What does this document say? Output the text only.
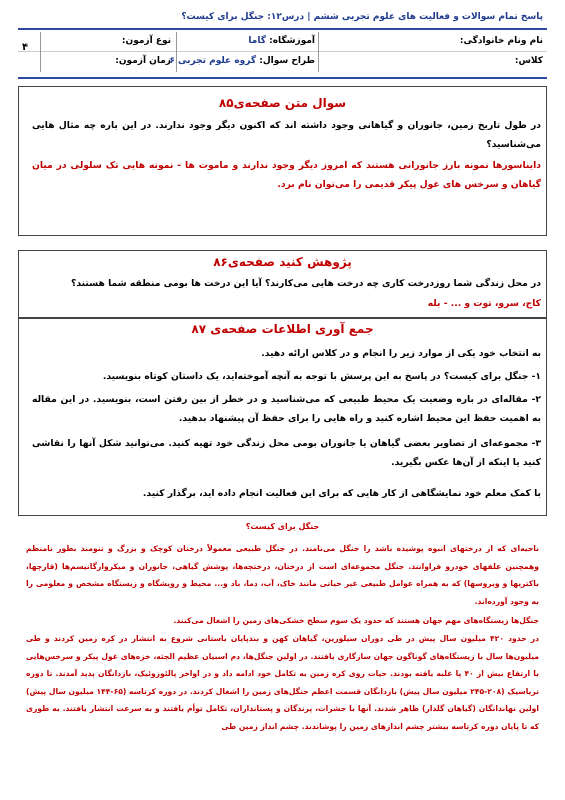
پاسخ تمام سوالات و فعالیت های علوم تجربی ششم | درس۱۲: جنگل برای کیست؟
نام ونام خانوادگی:
آموزشگاه: گاما
نوع آزمون:
۴
کلاس:
طراح سوال: گروه علوم تجربی ۶
زمان آزمون:
سوال متن صفحه‌ی۸۵
در طول تاریخ زمین، جانوران و گیاهانی وجود داشته اند که اکنون دیگر وجود ندارند. در این باره چه مثال هایی می‌شناسید؟
دایناسورها نمونه بارز جانورانی هستند که امروز دیگر وجود ندارند و ماموت ها - نمونه هایی تک سلولی در میان گیاهان و سرخس های غول پیکر قدیمی را می‌توان نام برد.
پژوهش کنید صفحه‌ی۸۶
در محل زندگی شما روزدرخت کاری چه درخت هایی می‌کارند؟ آیا این درخت ها بومی منطقه شما هستند؟
کاج، سرو، توت و ... - بله
جمع آوری اطلاعات صفحه‌ی ۸۷
به انتخاب خود یکی از موارد زیر را انجام و در کلاس ارائه دهید.
۱- جنگل برای کیست؟ در پاسخ به این پرسش با توجه به آنچه آموخته‌اید، یک داستان کوتاه بنویسید.
۲- مقاله‌ای در باره وضعیت یک محیط طبیعی که می‌شناسید و در خطر از بین رفتن است، بنویسید. در این مقاله به اهمیت حفظ این محیط اشاره کنید و راه هایی را برای حفظ آن پیشنهاد بدهید.
۳- مجموعه‌ای از تصاویر بعضی گیاهان یا جانوران بومی محل زندگی خود تهیه کنید. می‌توانید شکل آنها را نقاشی کنید یا اینکه از آن‌ها عکس بگیرید.
با کمک معلم خود نمایشگاهی از کار هایی که برای این فعالیت انجام داده اید، برگذار کنید.
جنگل برای کیست؟
ناحیه‌ای که از درختهای انبوه پوشیده باشد را جنگل می‌نامند. در جنگل طبیعی معمولاً درختان کوچک و بزرگ و تنومند بطور نامنظم وهمچنین علفهای خودرو فراوانند. جنگل مجموعه‌ای است از درختان، درختچه‌ها، پوشش گیاهی، جانوران و میکروارگانیسم‌ها (قارچها، باکتریها و ویروسها) که به همراه عوامل طبیعی غیر حیاتی مانند خاک، آب، دما، باد و... محیط و رویشگاه و زیستگاه مشخص و معلومی را به وجود آورده‌اند.
جنگل‌ها زیستگاه‌های مهم جهان هستند که حدود یک سوم سطح خشکی‌های زمین را اشغال می‌کنند.
در حدود ۴۲۰ میلیون سال پیش در طی دوران سیلورین، گیاهان کهن و بندپایان باستانی شروع به انتشار در کره زمین کردند و طی میلیون‌ها سال با زیستگاه‌های گوناگون جهان سازگاری یافتند. در اولین جنگل‌ها، دم اسبیان عظیم الجثه، خزه‌های غول پیکر و سرخس‌هایی با ارتفاع بیش از ۴۰ پا غلبه یافته بودند. حیات روی کره زمین به تکامل خود ادامه داد و در اواخر پالئوزوئیک، بازدانگان پدید آمدند. تا دوره تریاسیک (۲۰۸-۲۴۵ میلیون سال پیش) بازدانگان قسمت اعظم جنگل‌های زمین را اشغال کردند. در دوره کرتاسه (۶۵-۱۴۴ میلیون سال پیش) اولین نهاندانگان (گیاهان گلدار) ظاهر شدند. آنها با حشرات، پرندگان و پستانداران، تکامل توأم یافتند و به سرعت انتشار یافتند. به طوری که تا پایان دوره کرتاسه بیشتر چشم اندازهای زمین را پوشاندند. چشم انداز زمین طی
